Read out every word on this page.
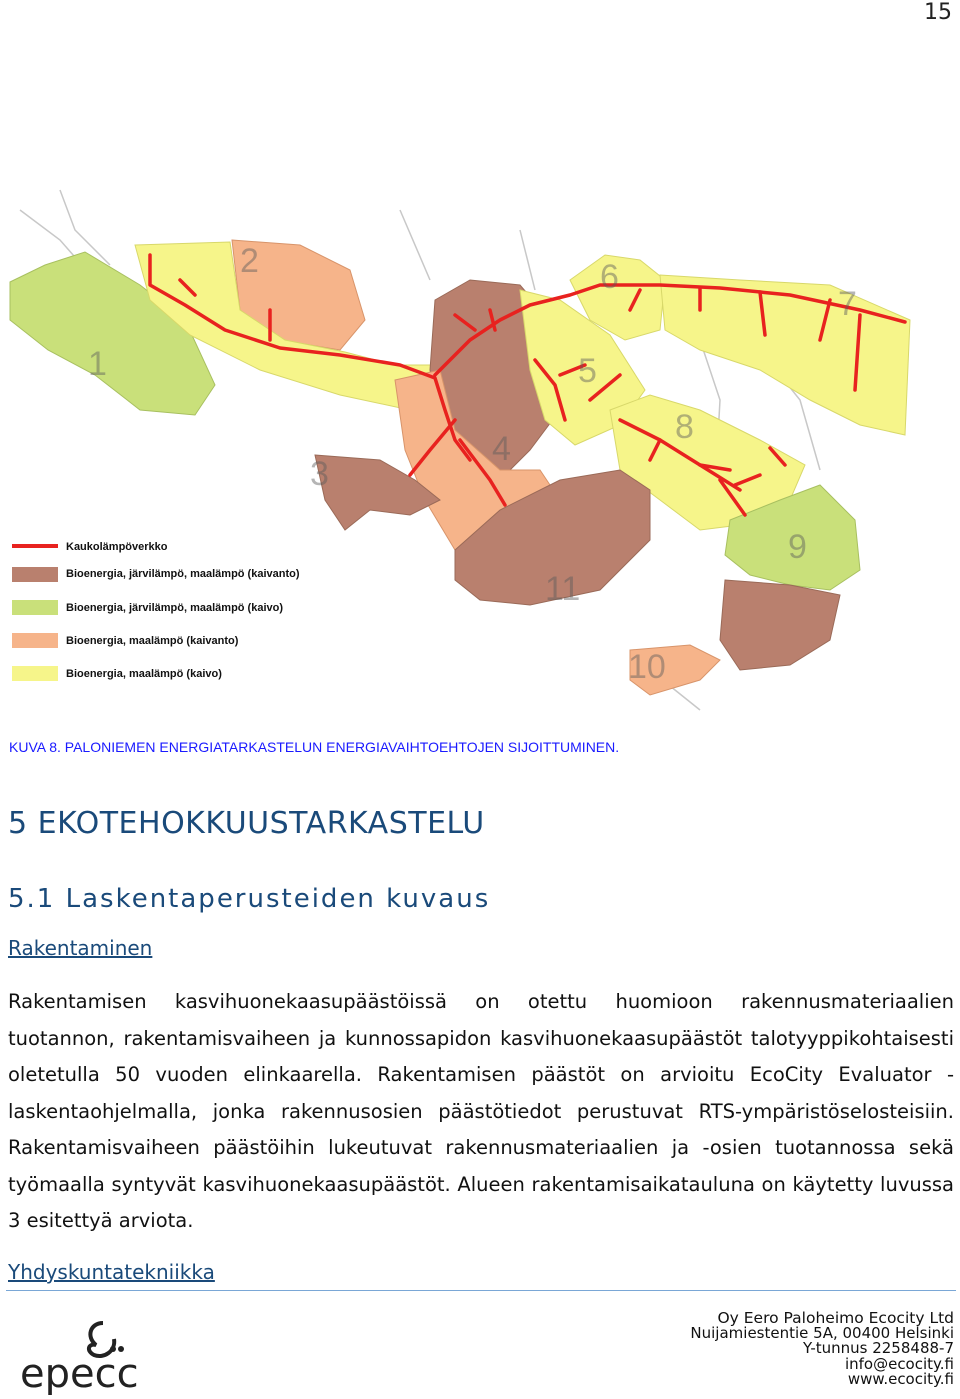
15
1
2
3
4
5
6
7
8
9
10
11
Kaukolämpöverkko
Bioenergia, järvilämpö, maalämpö (kaivanto)
Bioenergia, järvilämpö, maalämpö (kaivo)
Bioenergia, maalämpö (kaivanto)
Bioenergia, maalämpö (kaivo)
KUVA 8. PALONIEMEN ENERGIATARKASTELUN ENERGIAVAIHTOEHTOJEN SIJOITTUMINEN.
5 EKOTEHOKKUUSTARKASTELU
5.1 Laskentaperusteiden kuvaus
Rakentaminen
Rakentamisen kasvihuonekaasupäästöissä on otettu huomioon rakennusmateriaalien tuotannon, rakentamisvaiheen ja kunnossapidon kasvihuonekaasupäästöt talotyyppikohtaisesti oletetulla 50 vuoden elinkaarella. Rakentamisen päästöt on arvioitu EcoCity Evaluator -laskentaohjelmalla, jonka rakennusosien päästötiedot perustuvat RTS-ympäristöselosteisiin. Rakentamisvaiheen päästöihin lukeutuvat rakennusmateriaalien ja -osien tuotannossa sekä työmaalla syntyvät kasvihuonekaasupäästöt. Alueen rakentamisaikatauluna on käytetty luvussa 3 esitettyä arviota.
Yhdyskuntatekniikka
epecc
Oy Eero Paloheimo Ecocity Ltd
Nuijamiestentie 5A, 00400 Helsinki
Y-tunnus 2258488-7
info@ecocity.fi
www.ecocity.fi
